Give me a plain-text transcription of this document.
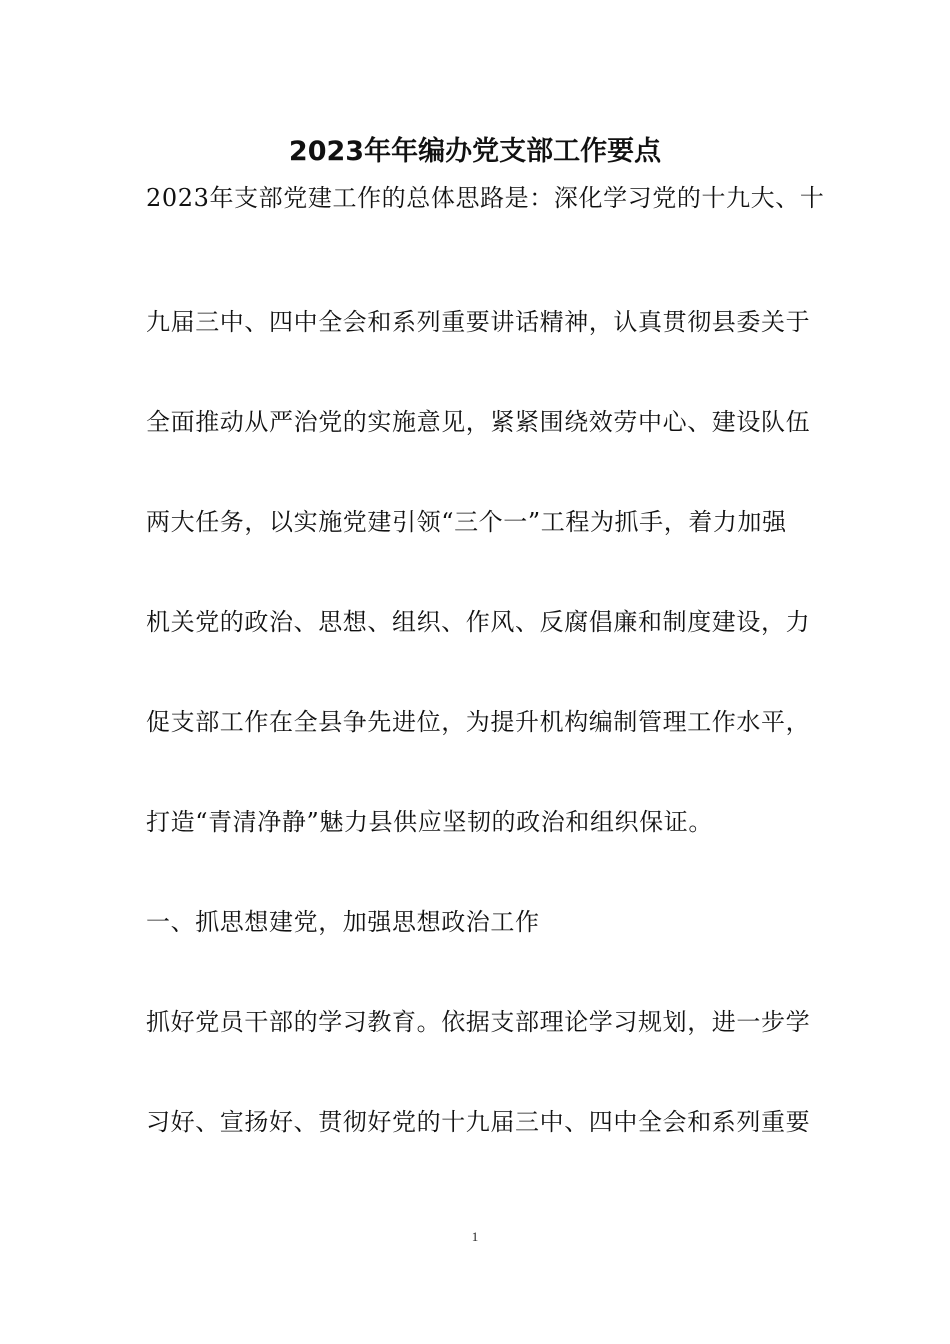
2023年年编办党支部工作要点

2023年支部党建工作的总体思路是：深化学习党的十九大、十

九届三中、四中全会和系列重要讲话精神，认真贯彻县委关于

全面推动从严治党的实施意见，紧紧围绕效劳中心、建设队伍

两大任务，以实施党建引领“三个一”工程为抓手，着力加强

机关党的政治、思想、组织、作风、反腐倡廉和制度建设，力

促支部工作在全县争先进位，为提升机构编制管理工作水平，

打造“青清净静”魅力县供应坚韧的政治和组织保证。

一、抓思想建党，加强思想政治工作

抓好党员干部的学习教育。依据支部理论学习规划，进一步学

习好、宣扬好、贯彻好党的十九届三中、四中全会和系列重要

1
